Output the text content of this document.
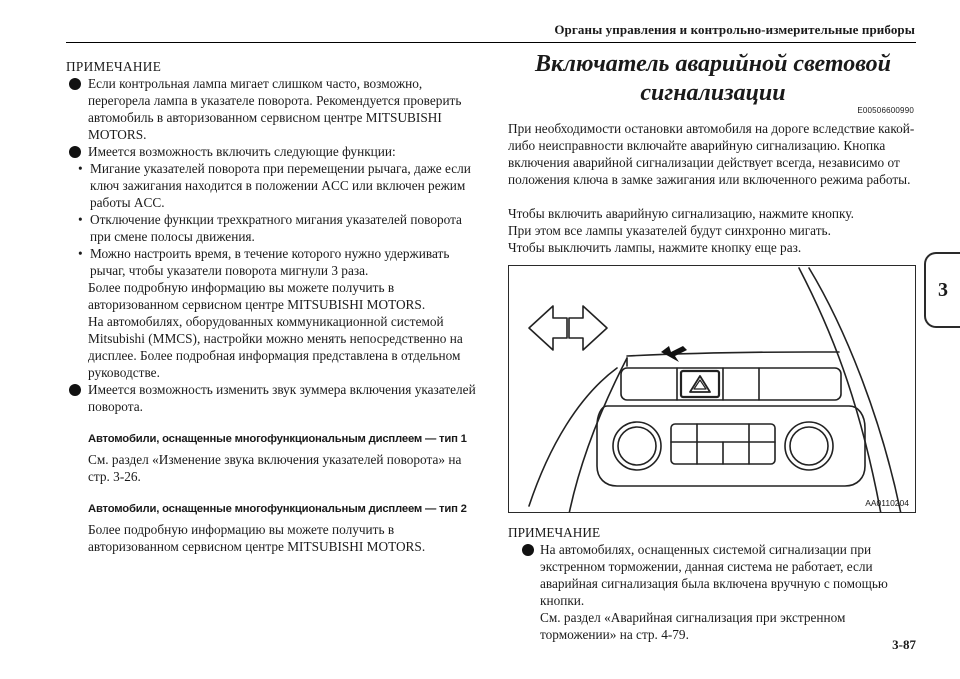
Органы управления и контрольно-измерительные приборы
3
3-87
ПРИМЕЧАНИЕ
Если контрольная лампа мигает слишком часто, возможно, перегорела лампа в указателе поворота. Рекомендуется проверить автомобиль в авторизованном сервисном центре MITSUBISHI MOTORS.
Имеется возможность включить следующие функции:
• Мигание указателей поворота при перемещении рычага, даже если ключ зажигания находится в положении ACC или включен режим работы ACC.
• Отключение функции трехкратного мигания указателей поворота при смене полосы движения.
• Можно настроить время, в течение которого нужно удерживать рычаг, чтобы указатели поворота мигнули 3 раза.
Более подробную информацию вы можете получить в авторизованном сервисном центре MITSUBISHI MOTORS.
На автомобилях, оборудованных коммуникационной системой Mitsubishi (MMCS), настройки можно менять непосредственно на дисплее. Более подробная информация представлена в отдельном руководстве.
Имеется возможность изменить звук зуммера включения указателей поворота.
Автомобили, оснащенные многофункциональным дисплеем — тип 1
См. раздел «Изменение звука включения указателей поворота» на стр. 3-26.
Автомобили, оснащенные многофункциональным дисплеем — тип 2
Более подробную информацию вы можете получить в авторизованном сервисном центре MITSUBISHI MOTORS.
Включатель аварийной световой
сигнализации
E00506600990
При необходимости остановки автомобиля на дороге вследствие какой-либо неисправности включайте аварийную сигнализацию. Кнопка включения аварийной сигнализации действует всегда, независимо от положения ключа в замке зажигания или включенного режима работы.
Чтобы включить аварийную сигнализацию, нажмите кнопку.
При этом все лампы указателей будут синхронно мигать.
Чтобы выключить лампы, нажмите кнопку еще раз.
AA0110204
ПРИМЕЧАНИЕ
На автомобилях, оснащенных системой сигнализации при экстренном торможении, данная система не работает, если аварийная сигнализация была включена вручную с помощью кнопки.
См. раздел «Аварийная сигнализация при экстренном торможении» на стр. 4-79.
